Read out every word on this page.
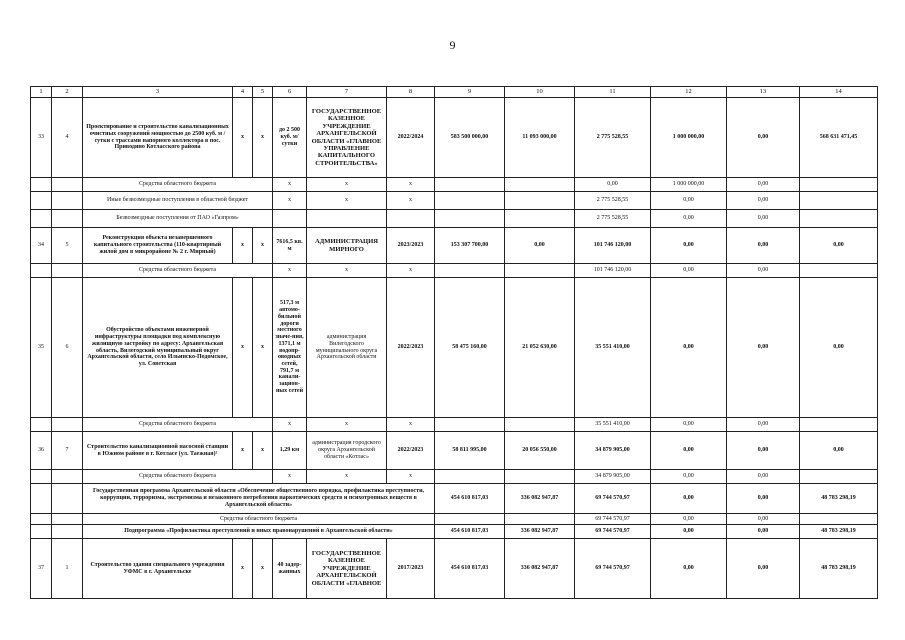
9
1	2	3	4	5	6	7	8	9	10	11	12	13	14
33	4	Проектирование и строительство канализационных очистных сооружений мощностью до 2500 куб. м / сутки с трассами напорного коллектора в пос. Приводино Котласского района	х	х	до 2 500 куб. м/ сутки	ГОСУДАРСТВЕННОЕ КАЗЕННОЕ УЧРЕЖДЕНИЕ АРХАНГЕЛЬСКОЙ ОБЛАСТИ «ГЛАВНОЕ УПРАВЛЕНИЕ КАПИТАЛЬНОГО СТРОИТЕЛЬСТВА»	2022/2024	583 500 000,00	11 093 000,00	2 775 528,55	1 000 000,00	0,00	568 631 471,45
		Средства областного бюджета			х	х	х			0,00	1 000 000,00	0,00	
		Иные безвозмездные поступления в областной бюджет			х	х	х			2 775 528,55	0,00	0,00	
		Безвозмездные поступления от ПАО «Газпром»								2 775 528,55	0,00	0,00	
34	5	Реконструкция объекта незавершенного капитального строительства (110-квартирный жилой дом в микрорайоне № 2 г. Мирный)	х	х	7616,5 кв. м	АДМИНИСТРАЦИЯ МИРНОГО	2023/2023	153 307 700,00	0,00	101 746 120,00	0,00	0,00	0,00
		Средства областного бюджета			х	х	х			101 746 120,00	0,00	0,00	
35	6	Обустройство объектами инженерной инфраструктуры площадки под комплексную жилищную застройку по адресу: Архангельская область, Вилегодский муниципальный округ Архангельской области, село Ильинско-Подомское, ул. Советская	х	х	517,3 м автомо-бильной дороги местного значе-ния, 1371,1 м водопр-оводных сетей, 791,7 м канали-зацион-ных сетей	администрация Вилегодского муниципального округа Архангельской области	2022/2023	58 475 160,00	21 052 630,00	35 551 410,00	0,00	0,00	0,00
		Средства областного бюджета			х	х	х			35 551 410,00	0,00	0,00	
36	7	Строительство канализационной насосной станции в Южном районе в г. Котласе (ул. Таежная)²	х	х	1,29 км	администрация городского округа Архангельской области «Котлас»	2022/2023	58 811 995,00	20 056 550,00	34 879 905,00	0,00	0,00	0,00
		Средства областного бюджета			х	х	х			34 879 905,00	0,00	0,00	
		Государственная программа Архангельской области «Обеспечение общественного порядка, профилактика преступности, коррупции, терроризма, экстремизма и незаконного потребления наркотических средств и психотропных веществ в Архангельской области»						454 610 817,03	336 082 947,87	69 744 570,97	0,00	0,00	48 783 298,19
		Средства областного бюджета								69 744 570,97	0,00	0,00	
		Подпрограмма «Профилактика преступлений и иных правонарушений в Архангельской области»						454 610 817,03	336 082 947,87	69 744 570,97	0,00	0,00	48 783 298,19
37	1	Строительство здания специального учреждения УФМС в г. Архангельске	х	х	40 задер-жанных	ГОСУДАРСТВЕННОЕ КАЗЕННОЕ УЧРЕЖДЕНИЕ АРХАНГЕЛЬСКОЙ ОБЛАСТИ «ГЛАВНОЕ	2017/2023	454 610 817,03	336 082 947,87	69 744 570,97	0,00	0,00	48 783 298,19
